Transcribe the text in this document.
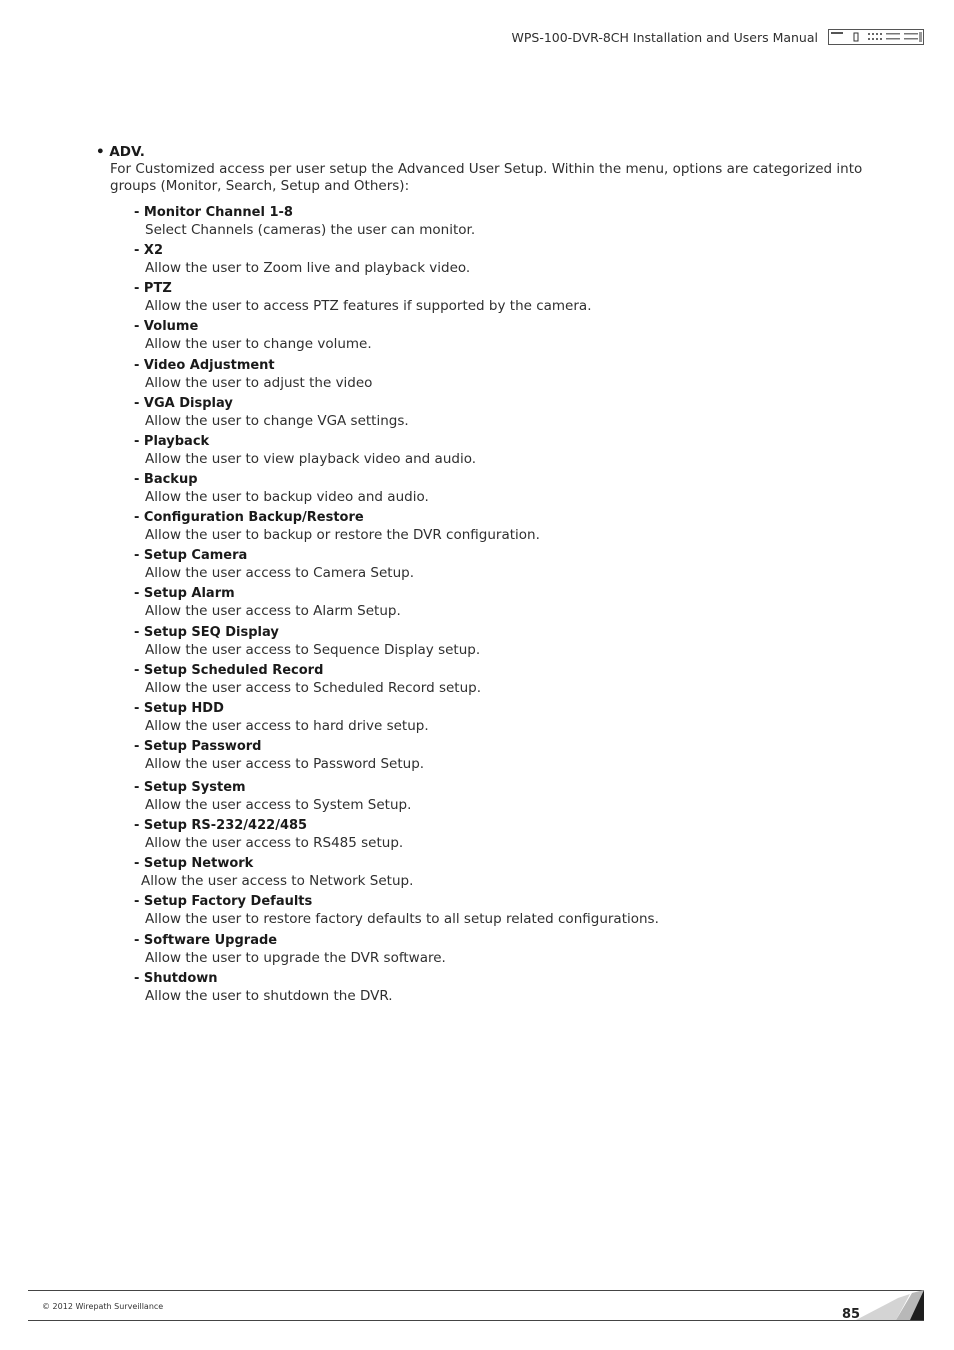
WPS-100-DVR-8CH Installation and Users Manual
• ADV.
For Customized access per user setup the Advanced User Setup. Within the menu, options are categorized into groups (Monitor, Search, Setup and Others):
- Monitor Channel 1-8
Select Channels (cameras) the user can monitor.
- X2
Allow the user to Zoom live and playback video.
- PTZ
Allow the user to access PTZ features if supported by the camera.
- Volume
Allow the user to change volume.
- Video Adjustment
Allow the user to adjust the video
- VGA Display
Allow the user to change VGA settings.
- Playback
Allow the user to view playback video and audio.
- Backup
Allow the user to backup video and audio.
- Configuration Backup/Restore
Allow the user to backup or restore the DVR configuration.
- Setup Camera
Allow the user access to Camera Setup.
- Setup Alarm
Allow the user access to Alarm Setup.
- Setup SEQ Display
Allow the user access to Sequence Display setup.
- Setup Scheduled Record
Allow the user access to Scheduled Record setup.
- Setup HDD
Allow the user access to hard drive setup.
- Setup Password
Allow the user access to Password Setup.
- Setup System
Allow the user access to System Setup.
- Setup RS-232/422/485
Allow the user access to RS485 setup.
- Setup Network
Allow the user access to Network Setup.
- Setup Factory Defaults
Allow the user to restore factory defaults to all setup related configurations.
- Software Upgrade
Allow the user to upgrade the DVR software.
- Shutdown
Allow the user to shutdown the DVR.
© 2012 Wirepath Surveillance
85
